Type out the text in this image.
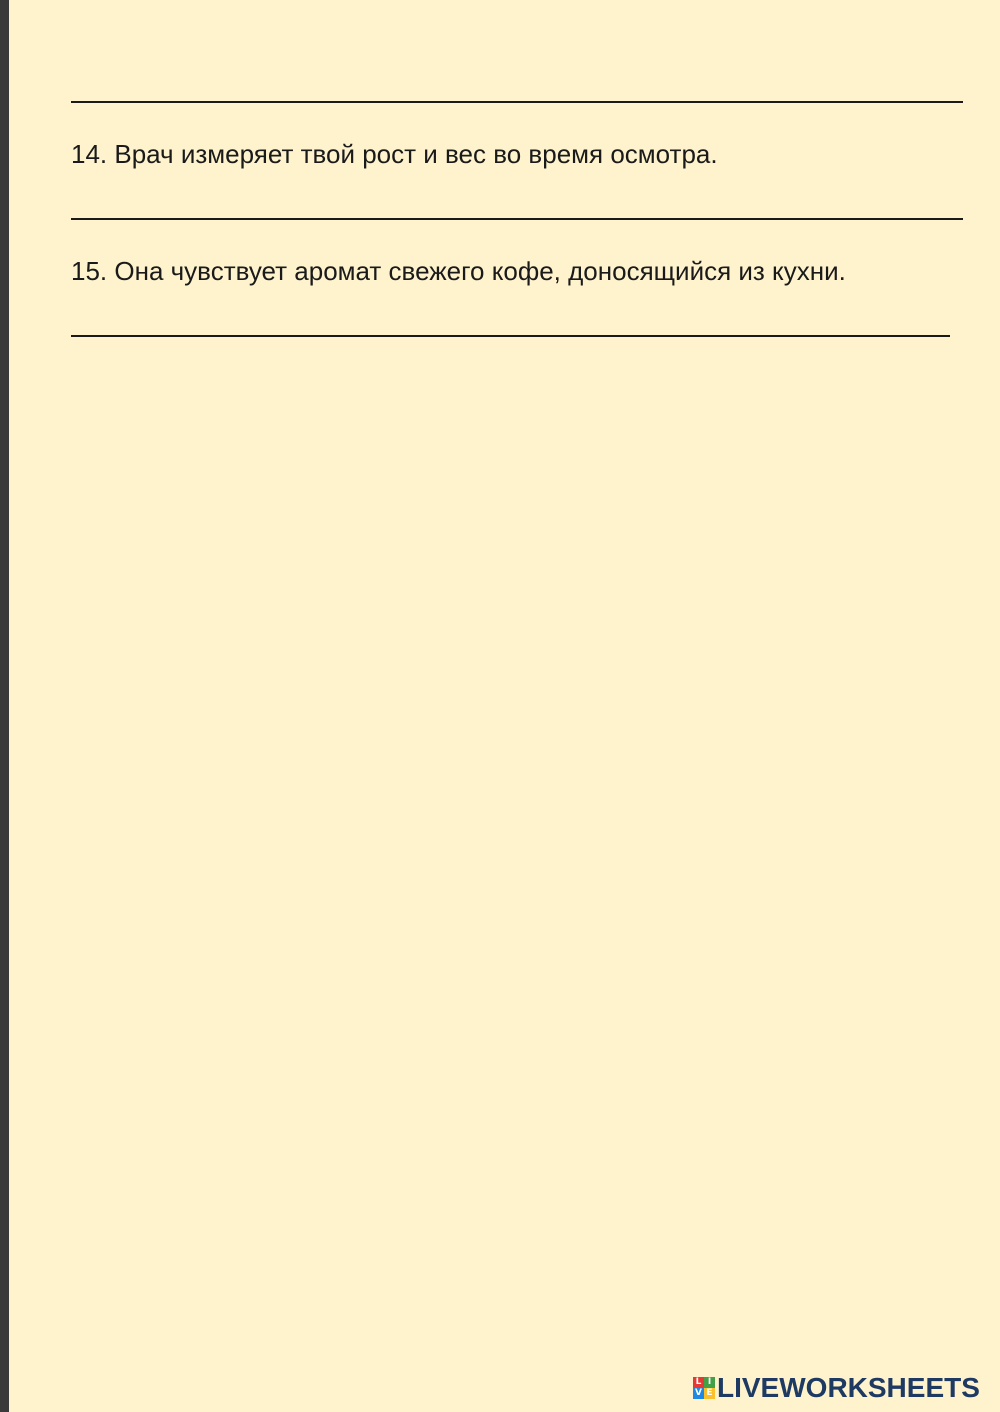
14. Врач измеряет твой рост и вес во время осмотра.
15. Она чувствует аромат свежего кофе, доносящийся из кухни.
L I
V E LIVEWORKSHEETS
